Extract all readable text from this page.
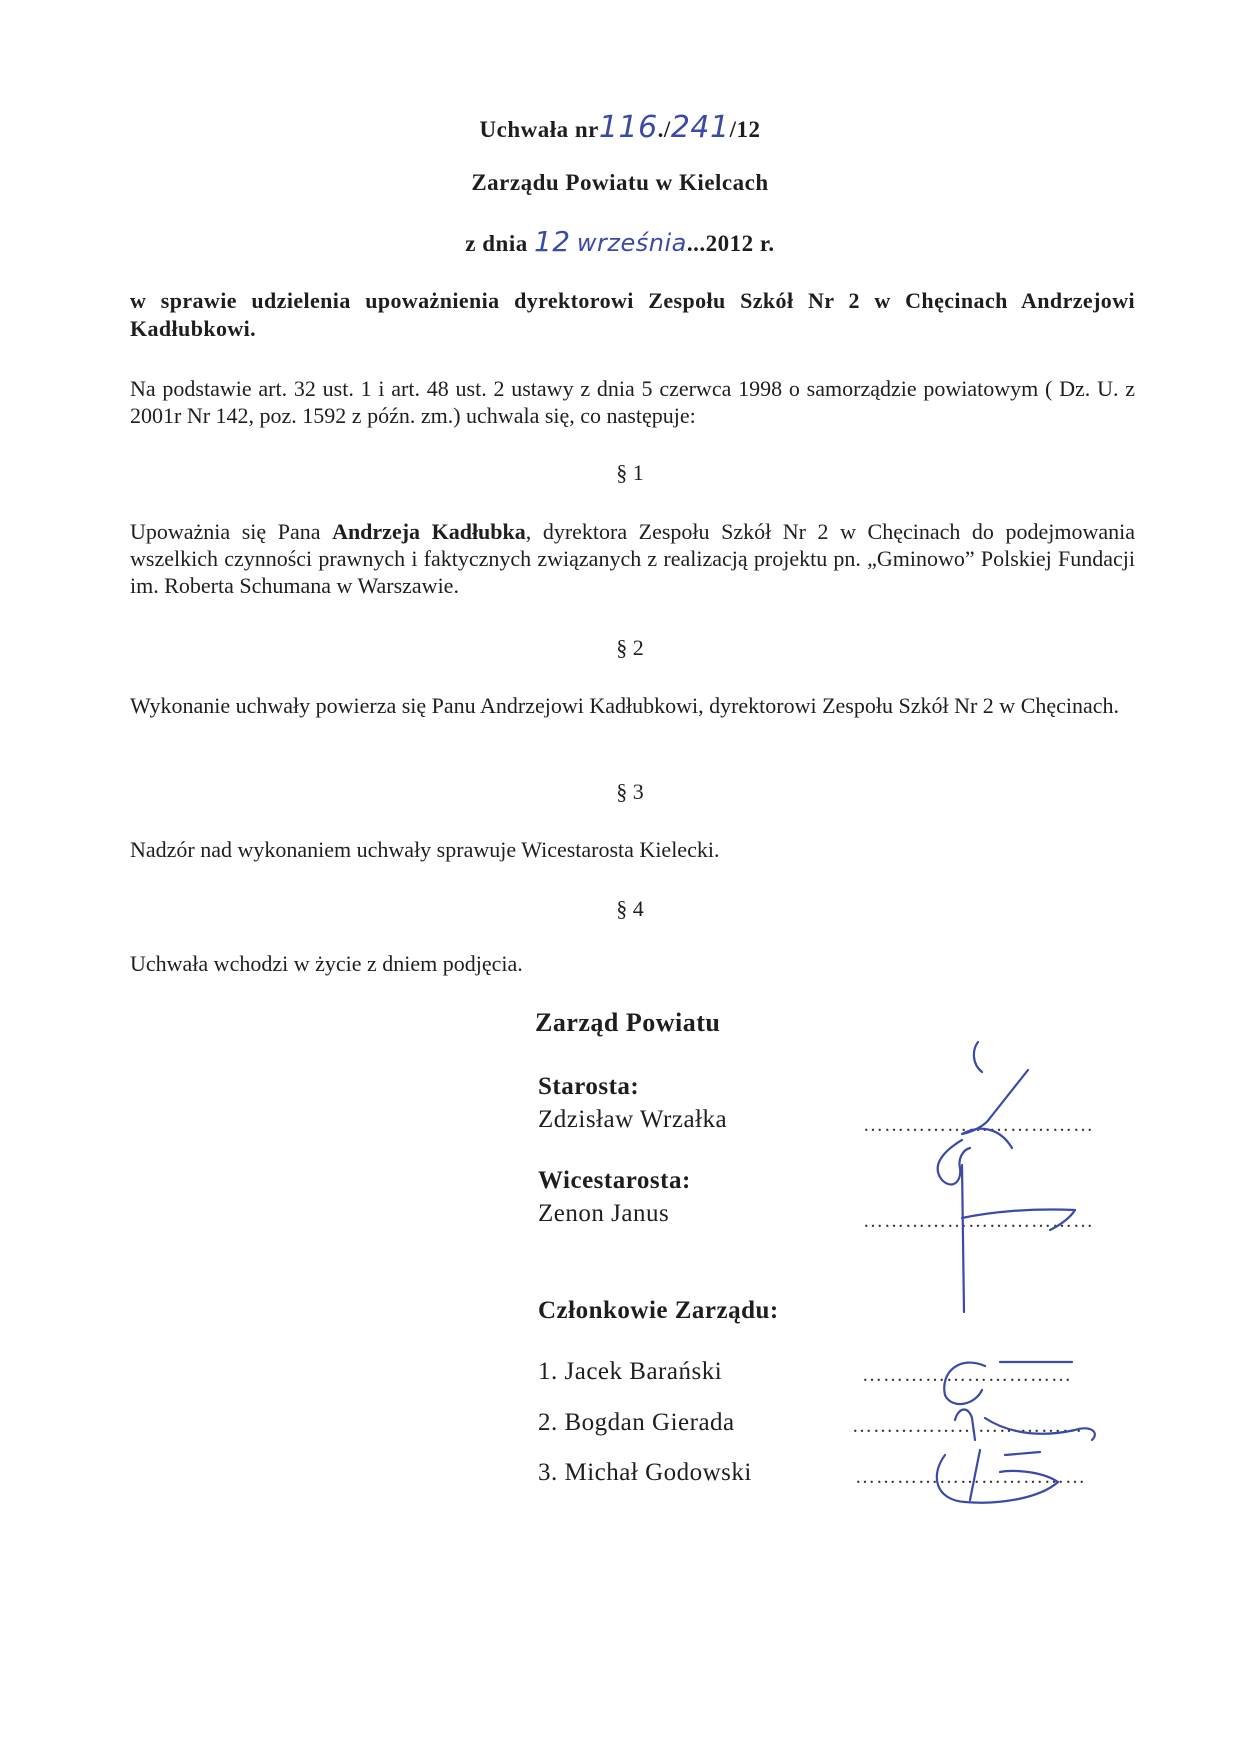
Uchwała nr116./241/12
Zarządu Powiatu w Kielcach
z dnia 12 września...2012 r.
w sprawie udzielenia upoważnienia dyrektorowi Zespołu Szkół Nr 2 w Chęcinach Andrzejowi Kadłubkowi.
Na podstawie art. 32 ust. 1 i art. 48 ust. 2 ustawy z dnia 5 czerwca 1998 o samorządzie powiatowym ( Dz. U. z 2001r Nr 142, poz. 1592 z późn. zm.) uchwala się, co następuje:
§ 1
Upoważnia się Pana Andrzeja Kadłubka, dyrektora Zespołu Szkół Nr 2 w Chęcinach do podejmowania wszelkich czynności prawnych i faktycznych związanych z realizacją projektu pn. „Gminowo” Polskiej Fundacji im. Roberta Schumana w Warszawie.
§ 2
Wykonanie uchwały powierza się Panu Andrzejowi Kadłubkowi, dyrektorowi Zespołu Szkół Nr 2 w Chęcinach.
§ 3
Nadzór nad wykonaniem uchwały sprawuje Wicestarosta Kielecki.
§ 4
Uchwała wchodzi w życie z dniem podjęcia.
Zarząd Powiatu
Starosta:
Zdzisław Wrzałka	……………………………
Wicestarosta:
Zenon Janus	……………………………
Członkowie Zarządu:
1. Jacek Barański	…………………………
2. Bogdan Gierada	……………………………
3. Michał Godowski	……………………………
